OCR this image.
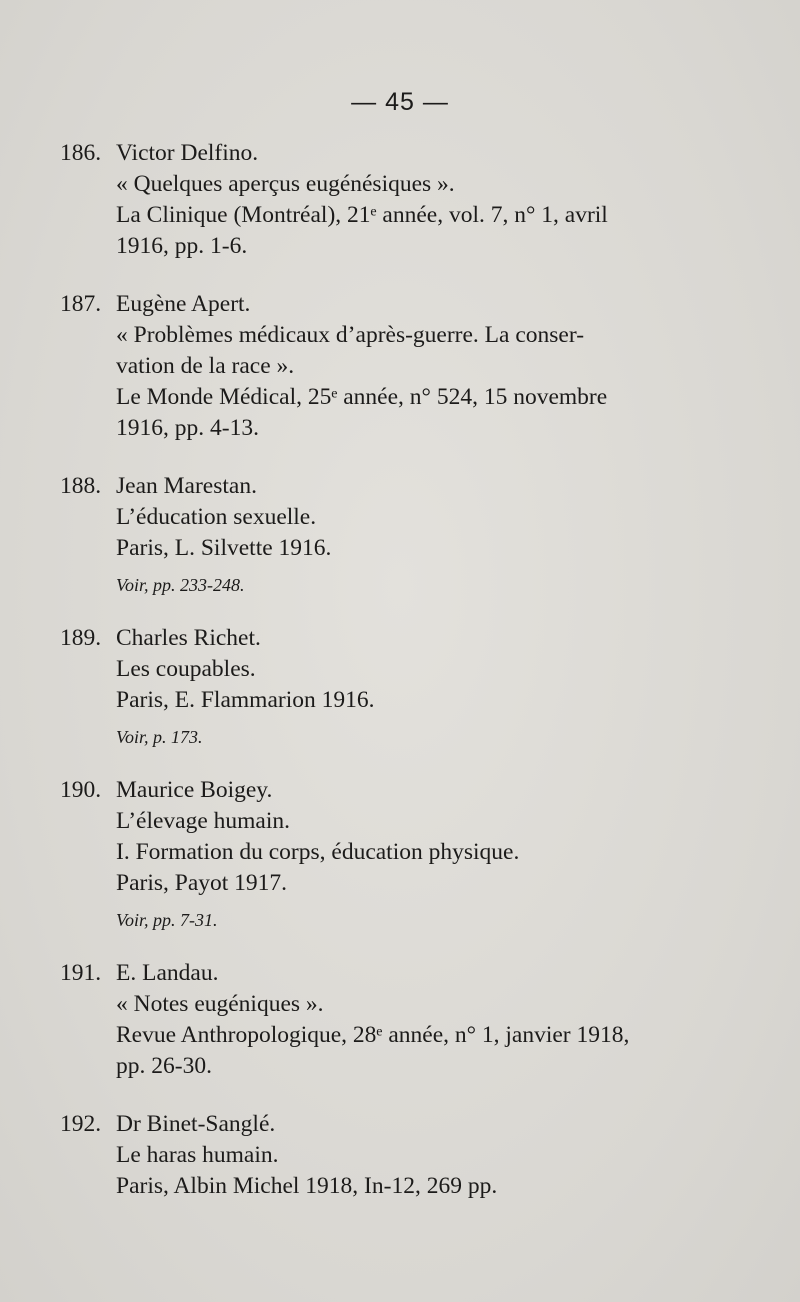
— 45 —
186. Victor Delfino.
« Quelques aperçus eugénésiques ».
La Clinique (Montréal), 21ᵉ année, vol. 7, n° 1, avril
1916, pp. 1-6.
187. Eugène Apert.
« Problèmes médicaux d’après-guerre. La conser-
vation de la race ».
Le Monde Médical, 25ᵉ année, n° 524, 15 novembre
1916, pp. 4-13.
188. Jean Marestan.
L’éducation sexuelle.
Paris, L. Silvette 1916.
Voir, pp. 233-248.
189. Charles Richet.
Les coupables.
Paris, E. Flammarion 1916.
Voir, p. 173.
190. Maurice Boigey.
L’élevage humain.
I. Formation du corps, éducation physique.
Paris, Payot 1917.
Voir, pp. 7-31.
191. E. Landau.
« Notes eugéniques ».
Revue Anthropologique, 28ᵉ année, n° 1, janvier 1918,
pp. 26-30.
192. Dr Binet-Sanglé.
Le haras humain.
Paris, Albin Michel 1918, In-12, 269 pp.
